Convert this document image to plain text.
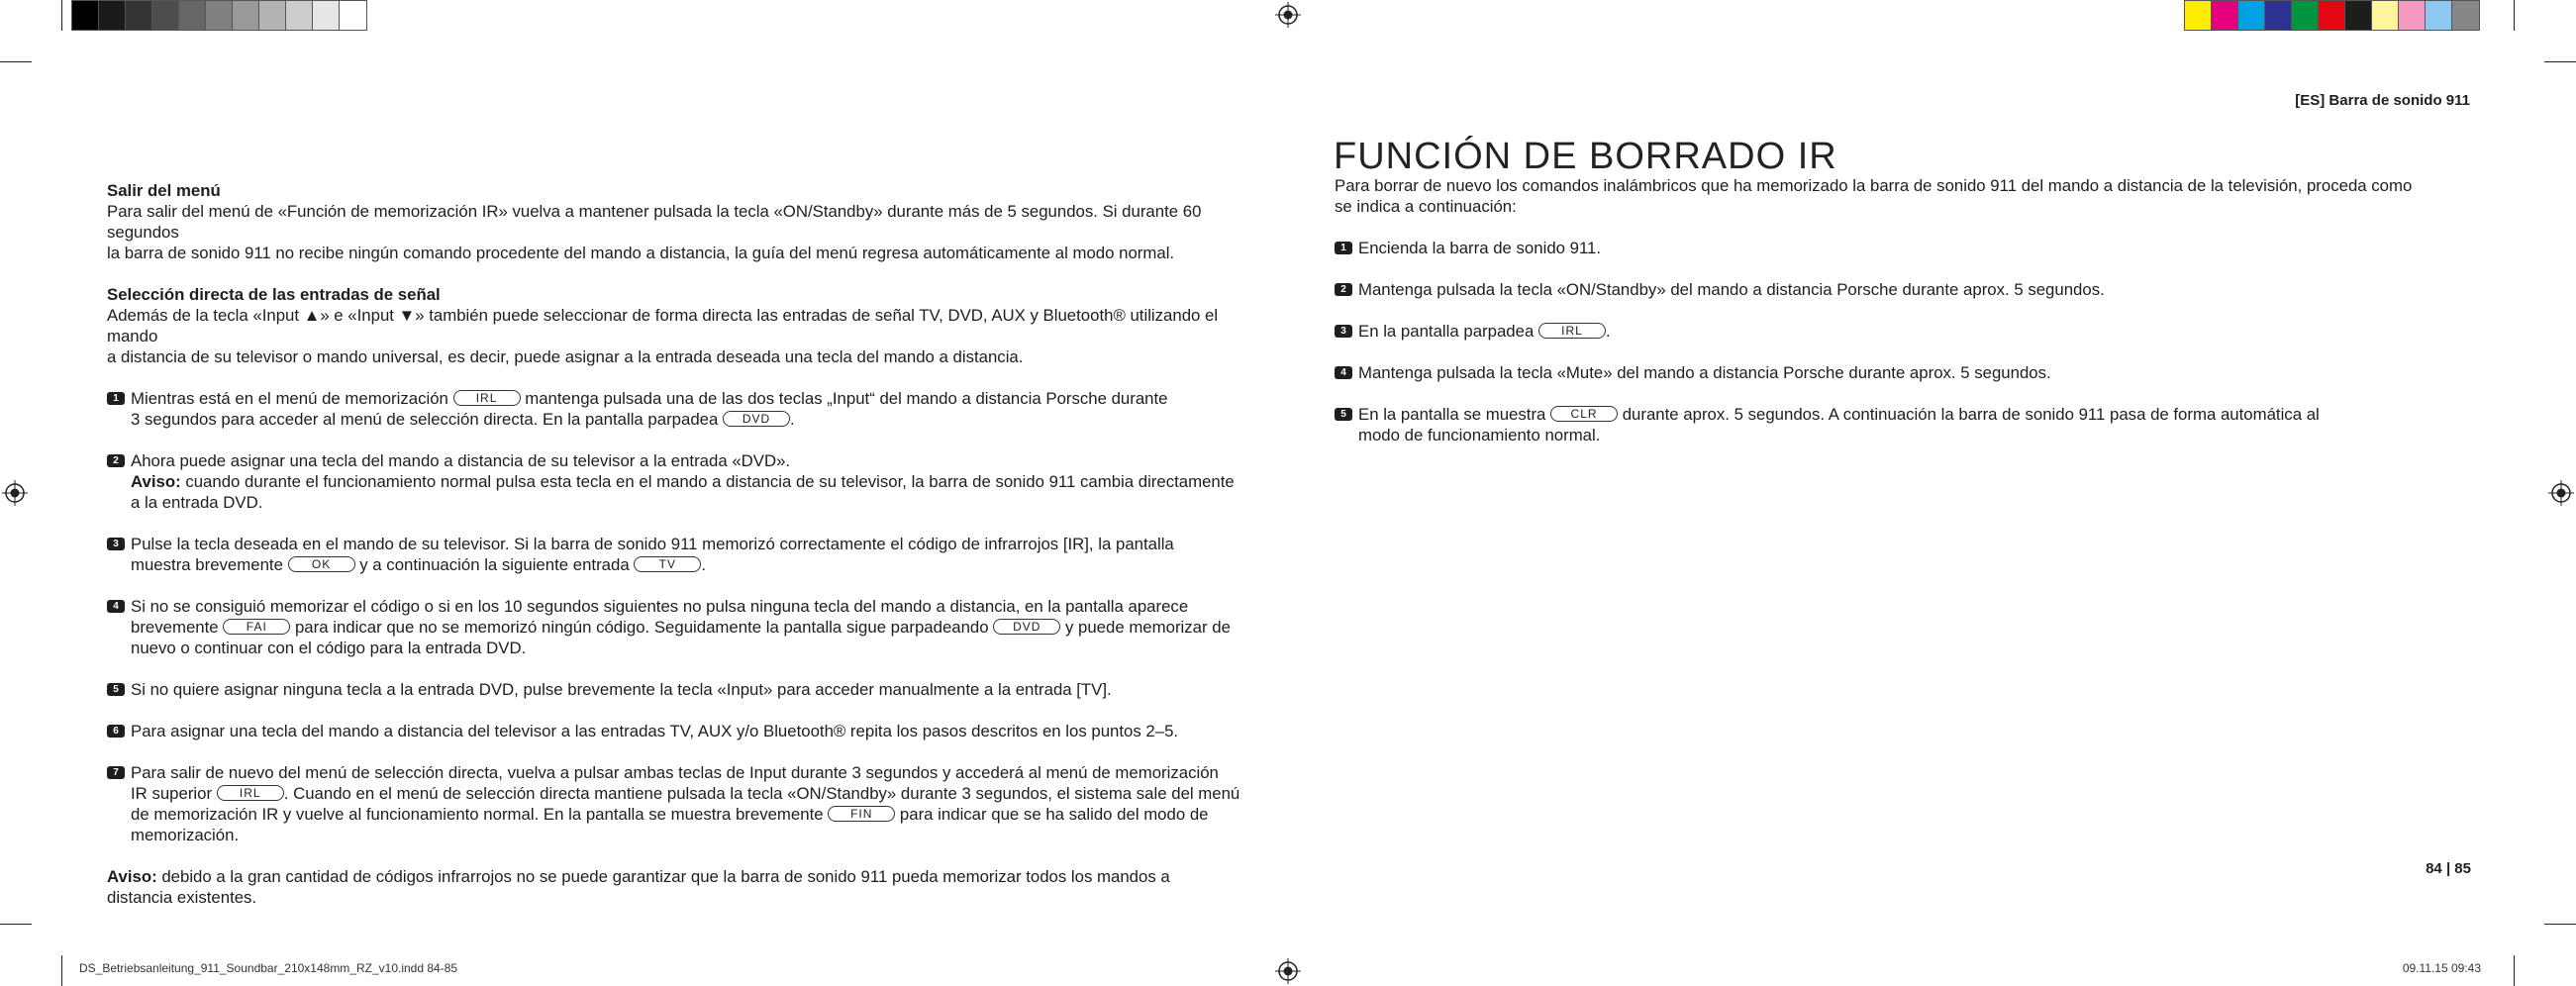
[ES] Barra de sonido 911

Salir del menú

Para salir del menú de «Función de memorización IR» vuelva a mantener pulsada la tecla «ON/Standby» durante más de 5 segundos. Si durante 60 segundos

la barra de sonido 911 no recibe ningún comando procedente del mando a distancia, la guía del menú regresa automáticamente al modo normal.

Selección directa de las entradas de señal

Además de la tecla «Input ▲» e «Input ▼» también puede seleccionar de forma directa las entradas de señal TV, DVD, AUX y Bluetooth® utilizando el mando

a distancia de su televisor o mando universal, es decir, puede asignar a la entrada deseada una tecla del mando a distancia.

1 Mientras está en el menú de memorización IRL mantenga pulsada una de las dos teclas „Input“ del mando a distancia Porsche durante

3 segundos para acceder al menú de selección directa. En la pantalla parpadea DVD .

2 Ahora puede asignar una tecla del mando a distancia de su televisor a la entrada «DVD».

Aviso: cuando durante el funcionamiento normal pulsa esta tecla en el mando a distancia de su televisor, la barra de sonido 911 cambia directamente

a la entrada DVD.

3 Pulse la tecla deseada en el mando de su televisor. Si la barra de sonido 911 memorizó correctamente el código de infrarrojos [IR], la pantalla

muestra brevemente OK y a continuación la siguiente entrada	TV .

4 Si no se consiguió memorizar el código o si en los 10 segundos siguientes no pulsa ninguna tecla del mando a distancia, en la pantalla aparece

brevemente FAI para indicar que no se memorizó ningún código. Seguidamente la pantalla sigue parpadeando DVD y puede memorizar de

nuevo o continuar con el código para la entrada DVD.

5 Si no quiere asignar ninguna tecla a la entrada DVD, pulse brevemente la tecla «Input» para acceder manualmente a la entrada [TV].

6 Para asignar una tecla del mando a distancia del televisor a las entradas TV, AUX y/o Bluetooth® repita los pasos descritos en los puntos 2–5.

7 Para salir de nuevo del menú de selección directa, vuelva a pulsar ambas teclas de Input durante 3 segundos y accederá al menú de memorización

IR superior IRL . Cuando en el menú de selección directa mantiene pulsada la tecla «ON/Standby» durante 3 segundos, el sistema sale del menú

de memorización IR y vuelve al funcionamiento normal. En la pantalla se muestra brevemente FIN para indicar que se ha salido del modo de

memorización.

Aviso: debido a la gran cantidad de códigos infrarrojos no se puede garantizar que la barra de sonido 911 pueda memorizar todos los mandos a

distancia existentes.

FUNCIÓN DE BORRADO IR

Para borrar de nuevo los comandos inalámbricos que ha memorizado la barra de sonido 911 del mando a distancia de la televisión, proceda como

se indica a continuación:

1 Encienda la barra de sonido 911.

2 Mantenga pulsada la tecla «ON/Standby» del mando a distancia Porsche durante aprox. 5 segundos.

3 En la pantalla parpadea IRL .

4 Mantenga pulsada la tecla «Mute» del mando a distancia Porsche durante aprox. 5 segundos.

5 En la pantalla se muestra CLR durante aprox. 5 segundos. A continuación la barra de sonido 911 pasa de forma automática al

modo de funcionamiento normal.

84 | 85
DS_Betriebsanleitung_911_Soundbar_210x148mm_RZ_v10.indd 84-85	09.11.15 09:43
